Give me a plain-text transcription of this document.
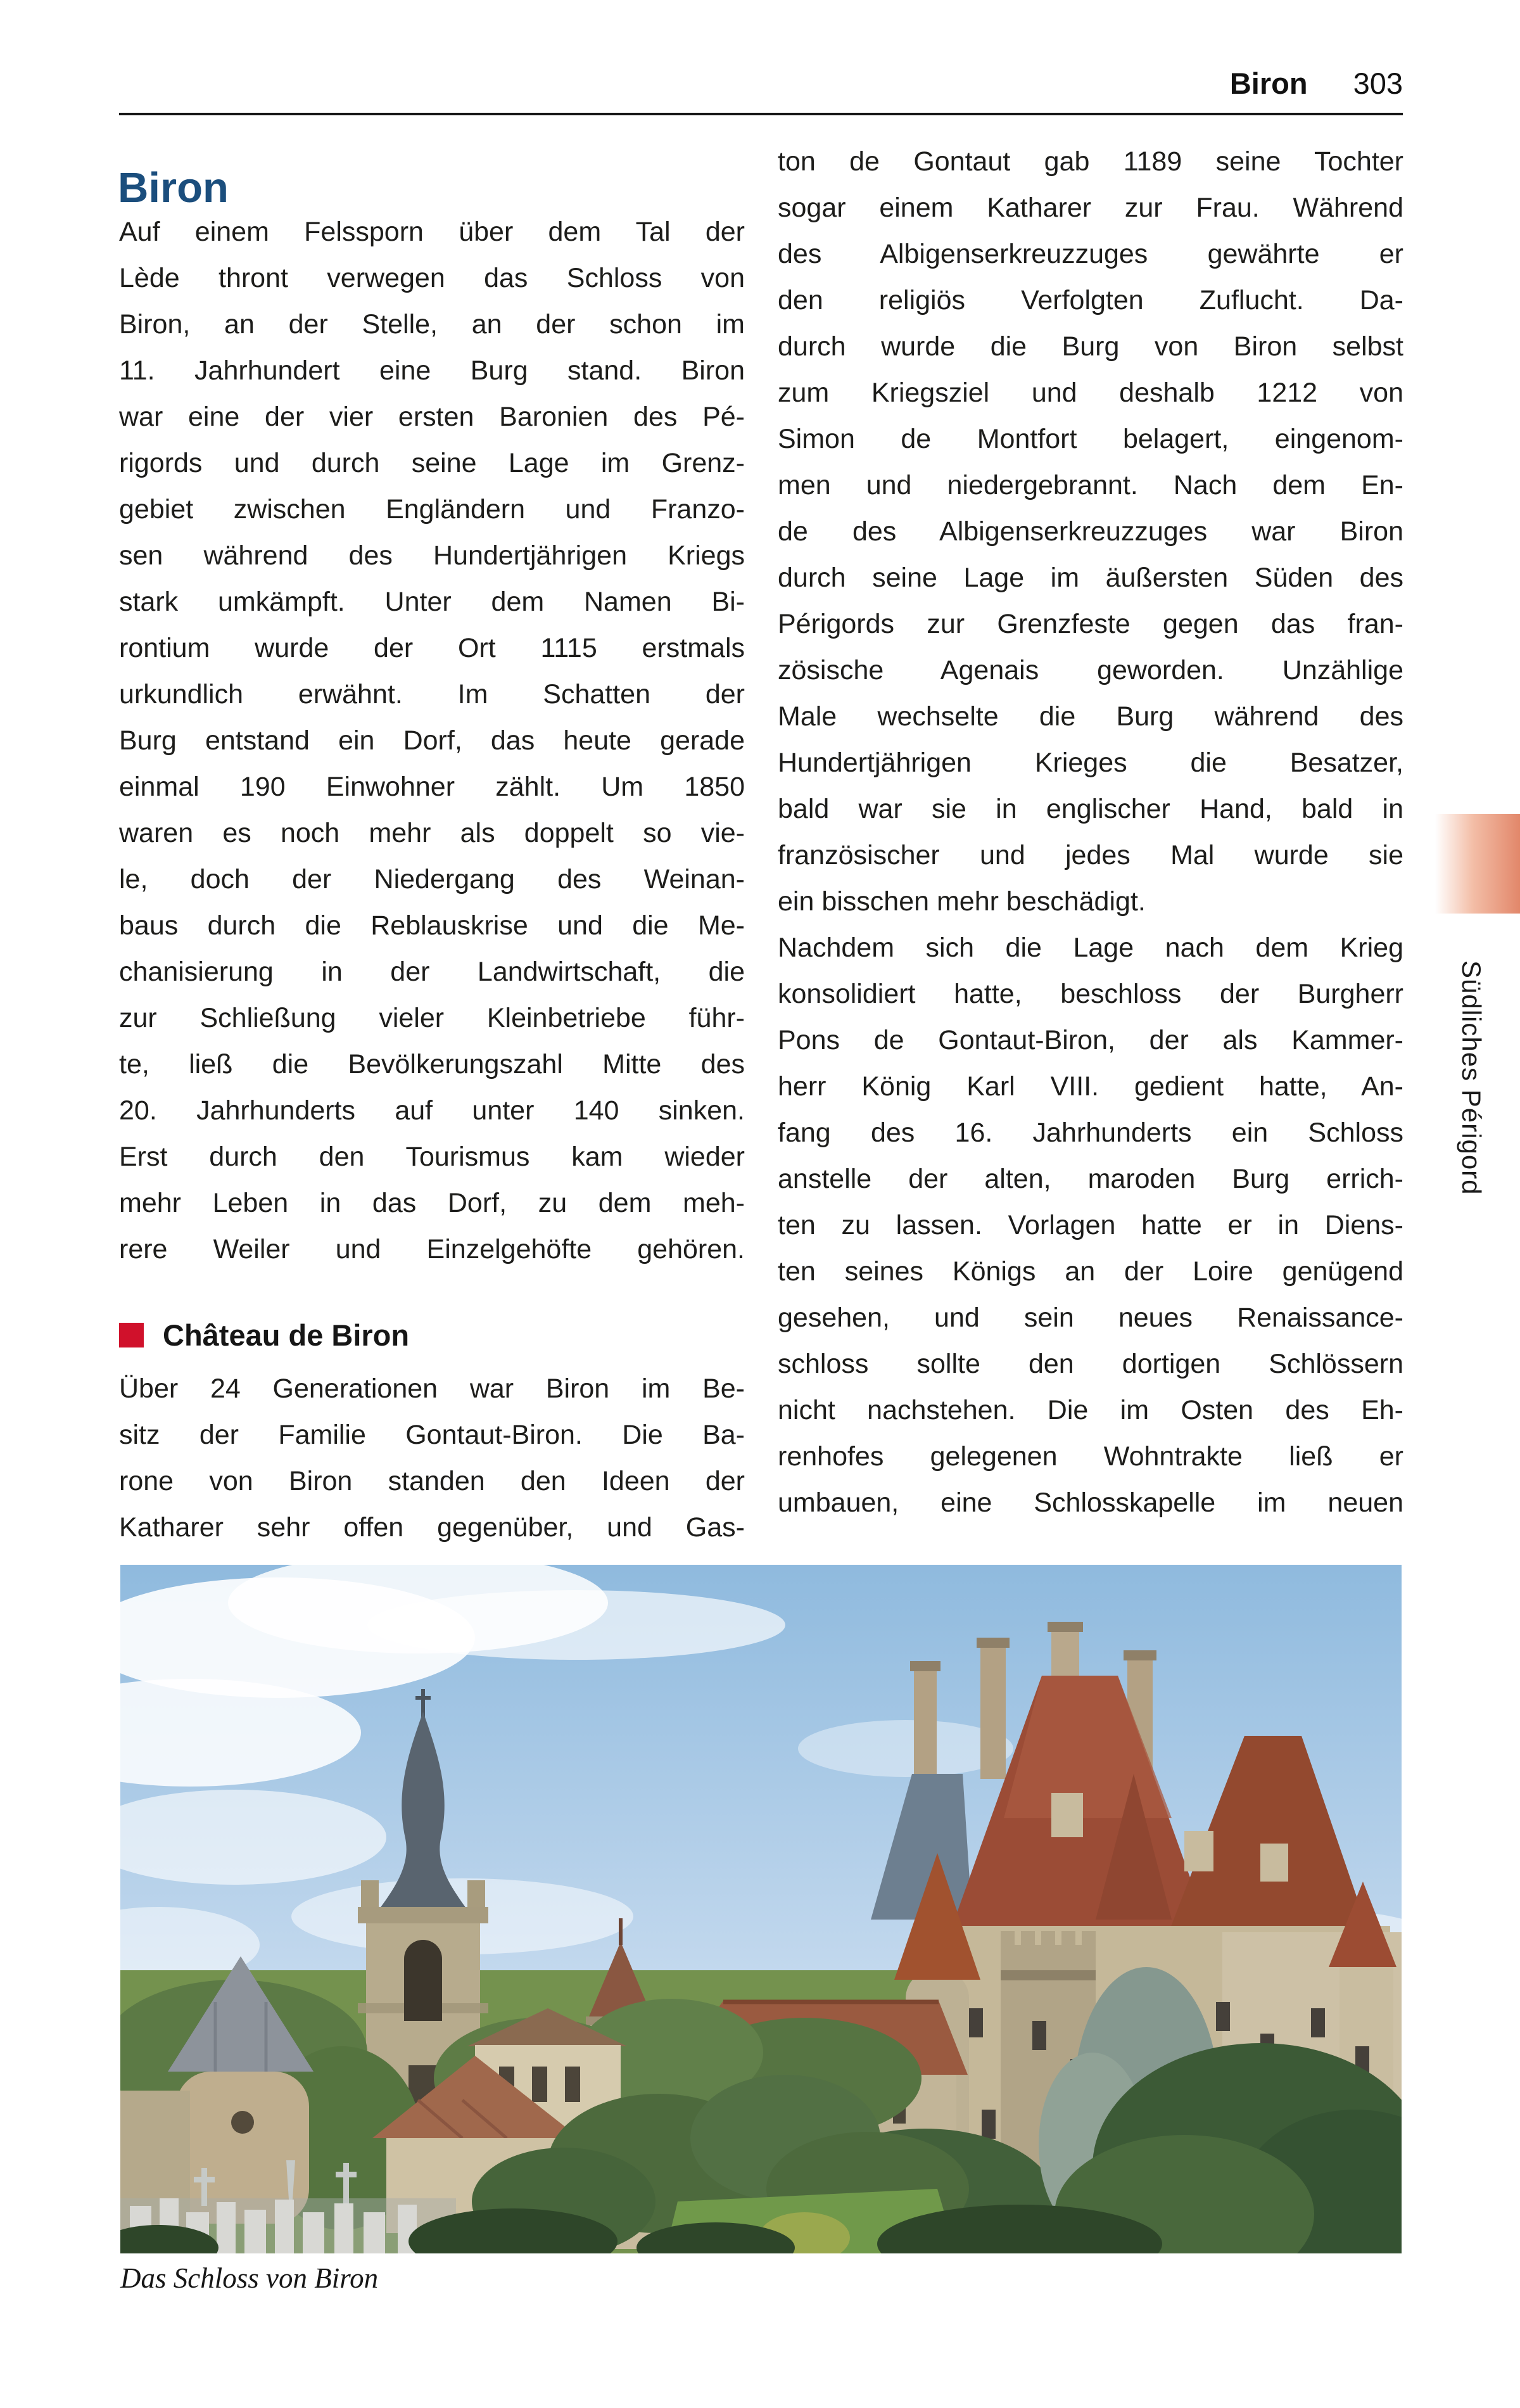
Biron 303
Biron
Auf einem Felssporn über dem Tal der
Lède thront verwegen das Schloss von
Biron, an der Stelle, an der schon im
11. Jahrhundert eine Burg stand. Biron
war eine der vier ersten Baronien des Pé-
rigords und durch seine Lage im Grenz-
gebiet zwischen Engländern und Franzo-
sen während des Hundertjährigen Kriegs
stark umkämpft. Unter dem Namen Bi-
rontium wurde der Ort 1115 erstmals
urkundlich erwähnt. Im Schatten der
Burg entstand ein Dorf, das heute gerade
einmal 190 Einwohner zählt. Um 1850
waren es noch mehr als doppelt so vie-
le, doch der Niedergang des Weinan-
baus durch die Reblauskrise und die Me-
chanisierung in der Landwirtschaft, die
zur Schließung vieler Kleinbetriebe führ-
te, ließ die Bevölkerungszahl Mitte des
20. Jahrhunderts auf unter 140 sinken.
Erst durch den Tourismus kam wieder
mehr Leben in das Dorf, zu dem meh-
rere Weiler und Einzelgehöfte gehören.
Château de Biron
Über 24 Generationen war Biron im Be-
sitz der Familie Gontaut-Biron. Die Ba-
rone von Biron standen den Ideen der
Katharer sehr offen gegenüber, und Gas-
ton de Gontaut gab 1189 seine Tochter
sogar einem Katharer zur Frau. Während
des Albigenserkreuzzuges gewährte er
den religiös Verfolgten Zuflucht. Da-
durch wurde die Burg von Biron selbst
zum Kriegsziel und deshalb 1212 von
Simon de Montfort belagert, eingenom-
men und niedergebrannt. Nach dem En-
de des Albigenserkreuzzuges war Biron
durch seine Lage im äußersten Süden des
Périgords zur Grenzfeste gegen das fran-
zösische Agenais geworden. Unzählige
Male wechselte die Burg während des
Hundertjährigen Krieges die Besatzer,
bald war sie in englischer Hand, bald in
französischer und jedes Mal wurde sie
ein bisschen mehr beschädigt.
Nachdem sich die Lage nach dem Krieg
konsolidiert hatte, beschloss der Burgherr
Pons de Gontaut-Biron, der als Kammer-
herr König Karl VIII. gedient hatte, An-
fang des 16. Jahrhunderts ein Schloss
anstelle der alten, maroden Burg errich-
ten zu lassen. Vorlagen hatte er in Diens-
ten seines Königs an der Loire genügend
gesehen, und sein neues Renaissance-
schloss sollte den dortigen Schlössern
nicht nachstehen. Die im Osten des Eh-
renhofes gelegenen Wohntrakte ließ er
umbauen, eine Schlosskapelle im neuen
Südliches Périgord
Das Schloss von Biron
